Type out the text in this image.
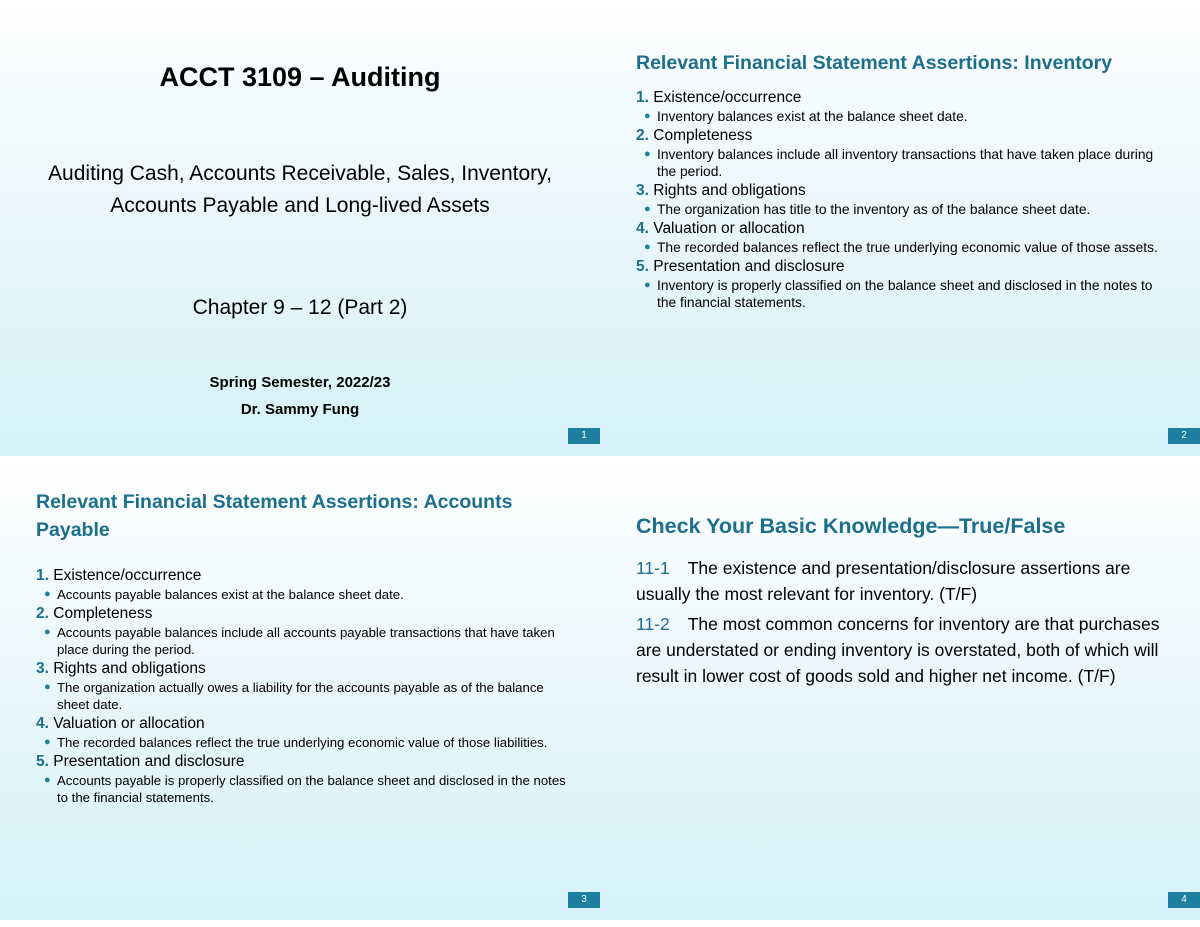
ACCT 3109 – Auditing
Auditing Cash, Accounts Receivable, Sales, Inventory, Accounts Payable and Long-lived Assets
Chapter 9 – 12 (Part 2)
Spring Semester, 2022/23
Dr. Sammy Fung
1
Relevant Financial Statement Assertions: Inventory
1. Existence/occurrence
● Inventory balances exist at the balance sheet date.
2. Completeness
● Inventory balances include all inventory transactions that have taken place during the period.
3. Rights and obligations
● The organization has title to the inventory as of the balance sheet date.
4. Valuation or allocation
● The recorded balances reflect the true underlying economic value of those assets.
5. Presentation and disclosure
● Inventory is properly classified on the balance sheet and disclosed in the notes to the financial statements.
2
Relevant Financial Statement Assertions: Accounts Payable
1. Existence/occurrence
● Accounts payable balances exist at the balance sheet date.
2. Completeness
● Accounts payable balances include all accounts payable transactions that have taken place during the period.
3. Rights and obligations
● The organization actually owes a liability for the accounts payable as of the balance sheet date.
4. Valuation or allocation
● The recorded balances reflect the true underlying economic value of those liabilities.
5. Presentation and disclosure
● Accounts payable is properly classified on the balance sheet and disclosed in the notes to the financial statements.
3
Check Your Basic Knowledge—True/False
11-1 The existence and presentation/disclosure assertions are usually the most relevant for inventory. (T/F)
11-2 The most common concerns for inventory are that purchases are understated or ending inventory is overstated, both of which will result in lower cost of goods sold and higher net income. (T/F)
4
